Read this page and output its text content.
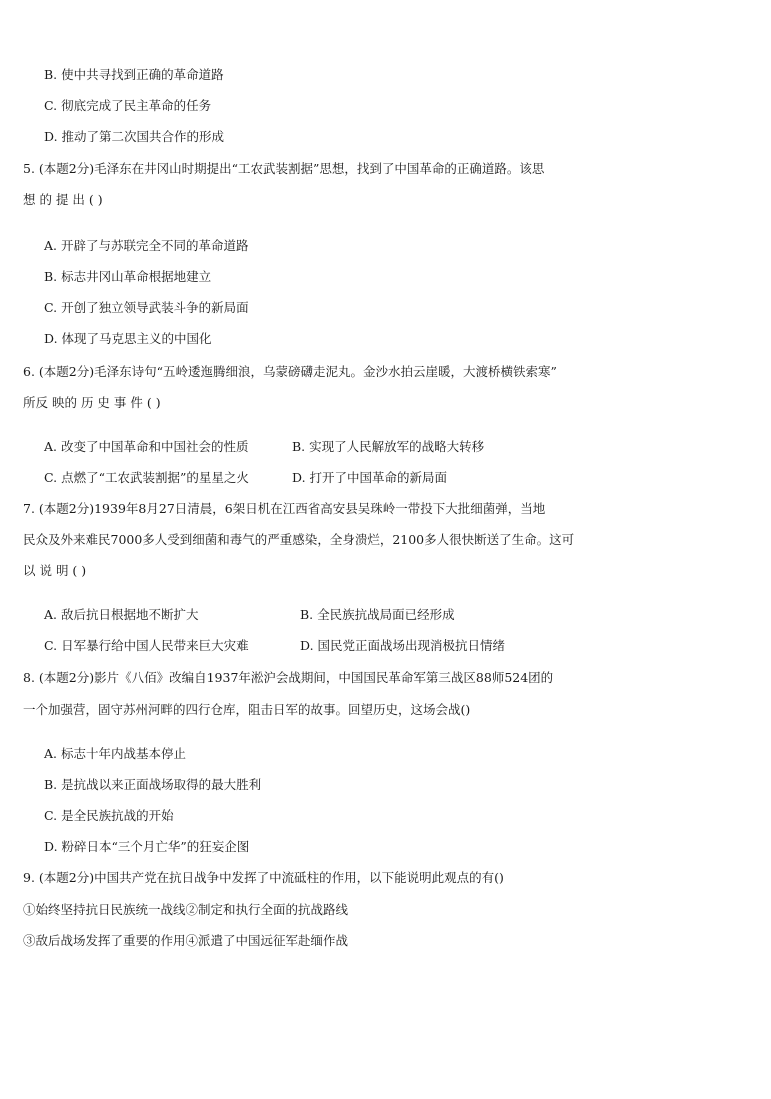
B. 使中共寻找到正确的革命道路
C. 彻底完成了民主革命的任务
D. 推动了第二次国共合作的形成
5. (本题2分)毛泽东在井冈山时期提出“工农武装割据”思想，找到了中国革命的正确道路。该思
想 的 提 出 ( )
A. 开辟了与苏联完全不同的革命道路
B. 标志井冈山革命根据地建立
C. 开创了独立领导武装斗争的新局面
D. 体现了马克思主义的中国化
6. (本题2分)毛泽东诗句“五岭逶迤腾细浪，乌蒙磅礴走泥丸。金沙水拍云崖暖，大渡桥横铁索寒”
所反 映的 历 史 事 件 ( )
A. 改变了中国革命和中国社会的性质	B. 实现了人民解放军的战略大转移
C. 点燃了“工农武装割据”的星星之火	D. 打开了中国革命的新局面
7. (本题2分)1939年8月27日清晨，6架日机在江西省高安县吴珠岭一带投下大批细菌弹，当地
民众及外来难民7000多人受到细菌和毒气的严重感染，全身溃烂，2100多人很快断送了生命。这可
以 说 明 ( )
A. 敌后抗日根据地不断扩大	B. 全民族抗战局面已经形成
C. 日军暴行给中国人民带来巨大灾难	D. 国民党正面战场出现消极抗日情绪
8. (本题2分)影片《八佰》改编自1937年淞沪会战期间，中国国民革命军第三战区88师524团的
一个加强营，固守苏州河畔的四行仓库，阻击日军的故事。回望历史，这场会战()
A. 标志十年内战基本停止
B. 是抗战以来正面战场取得的最大胜利
C. 是全民族抗战的开始
D. 粉碎日本“三个月亡华”的狂妄企图
9. (本题2分)中国共产党在抗日战争中发挥了中流砥柱的作用，以下能说明此观点的有()
①始终坚持抗日民族统一战线②制定和执行全面的抗战路线
③敌后战场发挥了重要的作用④派遣了中国远征军赴缅作战
